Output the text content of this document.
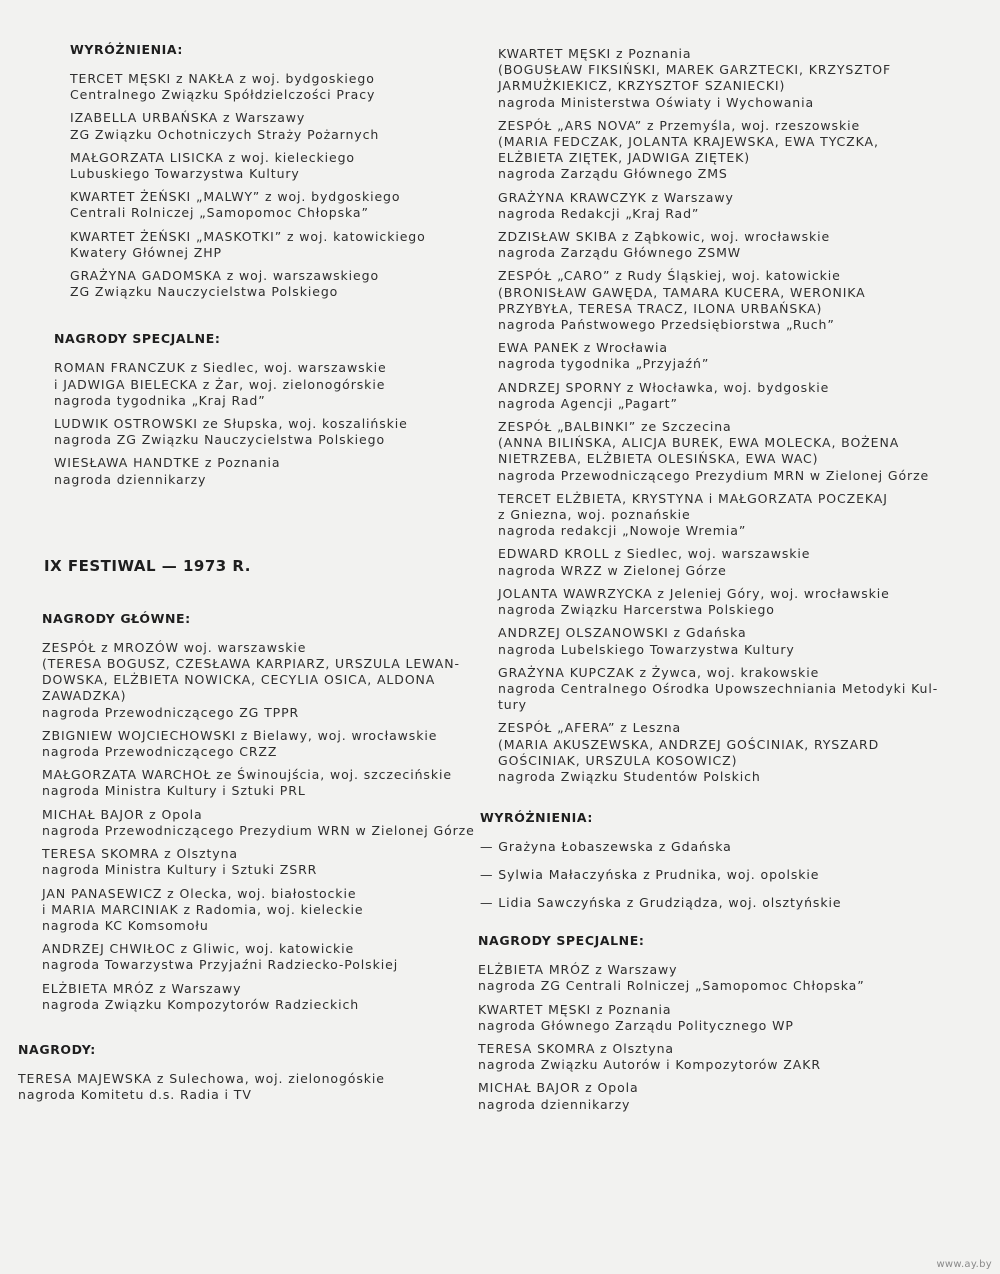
WYRÓŻNIENIA:
TERCET MĘSKI z NAKŁA z woj. bydgoskiego
Centralnego Związku Spółdzielczości Pracy
IZABELLA URBAŃSKA z Warszawy
ZG Związku Ochotniczych Straży Pożarnych
MAŁGORZATA LISICKA z woj. kieleckiego
Lubuskiego Towarzystwa Kultury
KWARTET ŻEŃSKI „MALWY” z woj. bydgoskiego
Centrali Rolniczej „Samopomoc Chłopska”
KWARTET ŻEŃSKI „MASKOTKI” z woj. katowickiego
Kwatery Głównej ZHP
GRAŻYNA GADOMSKA z woj. warszawskiego
ZG Związku Nauczycielstwa Polskiego
NAGRODY SPECJALNE:
ROMAN FRANCZUK z Siedlec, woj. warszawskie
i JADWIGA BIELECKA z Żar, woj. zielonogórskie
nagroda tygodnika „Kraj Rad”
LUDWIK OSTROWSKI ze Słupska, woj. koszalińskie
nagroda ZG Związku Nauczycielstwa Polskiego
WIESŁAWA HANDTKE z Poznania
nagroda dziennikarzy
IX FESTIWAL — 1973 R.
NAGRODY GŁÓWNE:
ZESPÓŁ z MROZÓW woj. warszawskie
(TERESA BOGUSZ, CZESŁAWA KARPIARZ, URSZULA LEWAN-
DOWSKA, ELŻBIETA NOWICKA, CECYLIA OSICA, ALDONA
ZAWADZKA)
nagroda Przewodniczącego ZG TPPR
ZBIGNIEW WOJCIECHOWSKI z Bielawy, woj. wrocławskie
nagroda Przewodniczącego CRZZ
MAŁGORZATA WARCHOŁ ze Świnoujścia, woj. szczecińskie
nagroda Ministra Kultury i Sztuki PRL
MICHAŁ BAJOR z Opola
nagroda Przewodniczącego Prezydium WRN w Zielonej Górze
TERESA SKOMRA z Olsztyna
nagroda Ministra Kultury i Sztuki ZSRR
JAN PANASEWICZ z Olecka, woj. białostockie
i MARIA MARCINIAK z Radomia, woj. kieleckie
nagroda KC Komsomołu
ANDRZEJ CHWIŁOC z Gliwic, woj. katowickie
nagroda Towarzystwa Przyjaźni Radziecko-Polskiej
ELŻBIETA MRÓZ z Warszawy
nagroda Związku Kompozytorów Radzieckich
NAGRODY:
TERESA MAJEWSKA z Sulechowa, woj. zielonogóskie
nagroda Komitetu d.s. Radia i TV
KWARTET MĘSKI z Poznania
(BOGUSŁAW FIKSIŃSKI, MAREK GARZTECKI, KRZYSZTOF
JARMUŻKIEKICZ, KRZYSZTOF SZANIECKI)
nagroda Ministerstwa Oświaty i Wychowania
ZESPÓŁ „ARS NOVA” z Przemyśla, woj. rzeszowskie
(MARIA FEDCZAK, JOLANTA KRAJEWSKA, EWA TYCZKA,
ELŻBIETA ZIĘTEK, JADWIGA ZIĘTEK)
nagroda Zarządu Głównego ZMS
GRAŻYNA KRAWCZYK z Warszawy
nagroda Redakcji „Kraj Rad”
ZDZISŁAW SKIBA z Ząbkowic, woj. wrocławskie
nagroda Zarządu Głównego ZSMW
ZESPÓŁ „CARO” z Rudy Śląskiej, woj. katowickie
(BRONISŁAW GAWĘDA, TAMARA KUCERA, WERONIKA
PRZYBYŁA, TERESA TRACZ, ILONA URBAŃSKA)
nagroda Państwowego Przedsiębiorstwa „Ruch”
EWA PANEK z Wrocławia
nagroda tygodnika „Przyjaźń”
ANDRZEJ SPORNY z Włocławka, woj. bydgoskie
nagroda Agencji „Pagart”
ZESPÓŁ „BALBINKI” ze Szczecina
(ANNA BILIŃSKA, ALICJA BUREK, EWA MOLECKA, BOŻENA
NIETRZEBA, ELŻBIETA OLESIŃSKA, EWA WAC)
nagroda Przewodniczącego Prezydium MRN w Zielonej Górze
TERCET ELŻBIETA, KRYSTYNA i MAŁGORZATA POCZEKAJ
z Gniezna, woj. poznańskie
nagroda redakcji „Nowoje Wremia”
EDWARD KROLL z Siedlec, woj. warszawskie
nagroda WRZZ w Zielonej Górze
JOLANTA WAWRZYCKA z Jeleniej Góry, woj. wrocławskie
nagroda Związku Harcerstwa Polskiego
ANDRZEJ OLSZANOWSKI z Gdańska
nagroda Lubelskiego Towarzystwa Kultury
GRAŻYNA KUPCZAK z Żywca, woj. krakowskie
nagroda Centralnego Ośrodka Upowszechniania Metodyki Kul-
tury
ZESPÓŁ „AFERA” z Leszna
(MARIA AKUSZEWSKA, ANDRZEJ GOŚCINIAK, RYSZARD
GOŚCINIAK, URSZULA KOSOWICZ)
nagroda Związku Studentów Polskich
WYRÓŻNIENIA:
— Grażyna Łobaszewska z Gdańska
— Sylwia Małaczyńska z Prudnika, woj. opolskie
— Lidia Sawczyńska z Grudziądza, woj. olsztyńskie
NAGRODY SPECJALNE:
ELŻBIETA MRÓZ z Warszawy
nagroda ZG Centrali Rolniczej „Samopomoc Chłopska”
KWARTET MĘSKI z Poznania
nagroda Głównego Zarządu Politycznego WP
TERESA SKOMRA z Olsztyna
nagroda Związku Autorów i Kompozytorów ZAKR
MICHAŁ BAJOR z Opola
nagroda dziennikarzy
www.ay.by
